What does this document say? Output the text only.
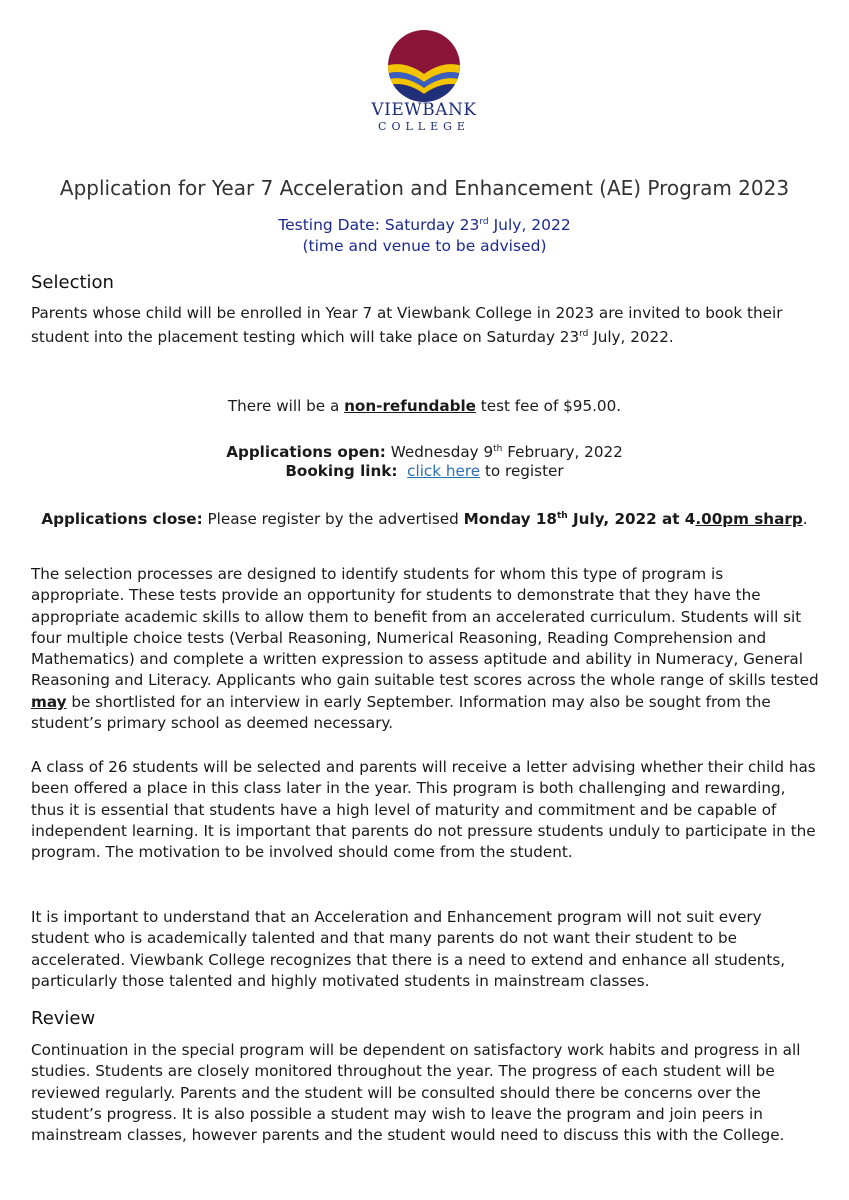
VIEWBANK
COLLEGE
Application for Year 7 Acceleration and Enhancement (AE) Program 2023
Testing Date: Saturday 23rd July, 2022
(time and venue to be advised)
Selection

Parents whose child will be enrolled in Year 7 at Viewbank College in 2023 are invited to book their student into the placement testing which will take place on Saturday 23rd July, 2022.

There will be a non-refundable test fee of $95.00.

Applications open: Wednesday 9th February, 2022

Booking link: click here to register

Applications close: Please register by the advertised Monday 18th July, 2022 at 4.00pm sharp.

The selection processes are designed to identify students for whom this type of program is appropriate. These tests provide an opportunity for students to demonstrate that they have the appropriate academic skills to allow them to benefit from an accelerated curriculum. Students will sit four multiple choice tests (Verbal Reasoning, Numerical Reasoning, Reading Comprehension and Mathematics) and complete a written expression to assess aptitude and ability in Numeracy, General Reasoning and Literacy. Applicants who gain suitable test scores across the whole range of skills tested may be shortlisted for an interview in early September. Information may also be sought from the student’s primary school as deemed necessary.

A class of 26 students will be selected and parents will receive a letter advising whether their child has been offered a place in this class later in the year. This program is both challenging and rewarding, thus it is essential that students have a high level of maturity and commitment and be capable of independent learning. It is important that parents do not pressure students unduly to participate in the program. The motivation to be involved should come from the student.

It is important to understand that an Acceleration and Enhancement program will not suit every student who is academically talented and that many parents do not want their student to be accelerated. Viewbank College recognizes that there is a need to extend and enhance all students, particularly those talented and highly motivated students in mainstream classes.

Review

Continuation in the special program will be dependent on satisfactory work habits and progress in all studies. Students are closely monitored throughout the year. The progress of each student will be reviewed regularly. Parents and the student will be consulted should there be concerns over the student’s progress. It is also possible a student may wish to leave the program and join peers in mainstream classes, however parents and the student would need to discuss this with the College.
